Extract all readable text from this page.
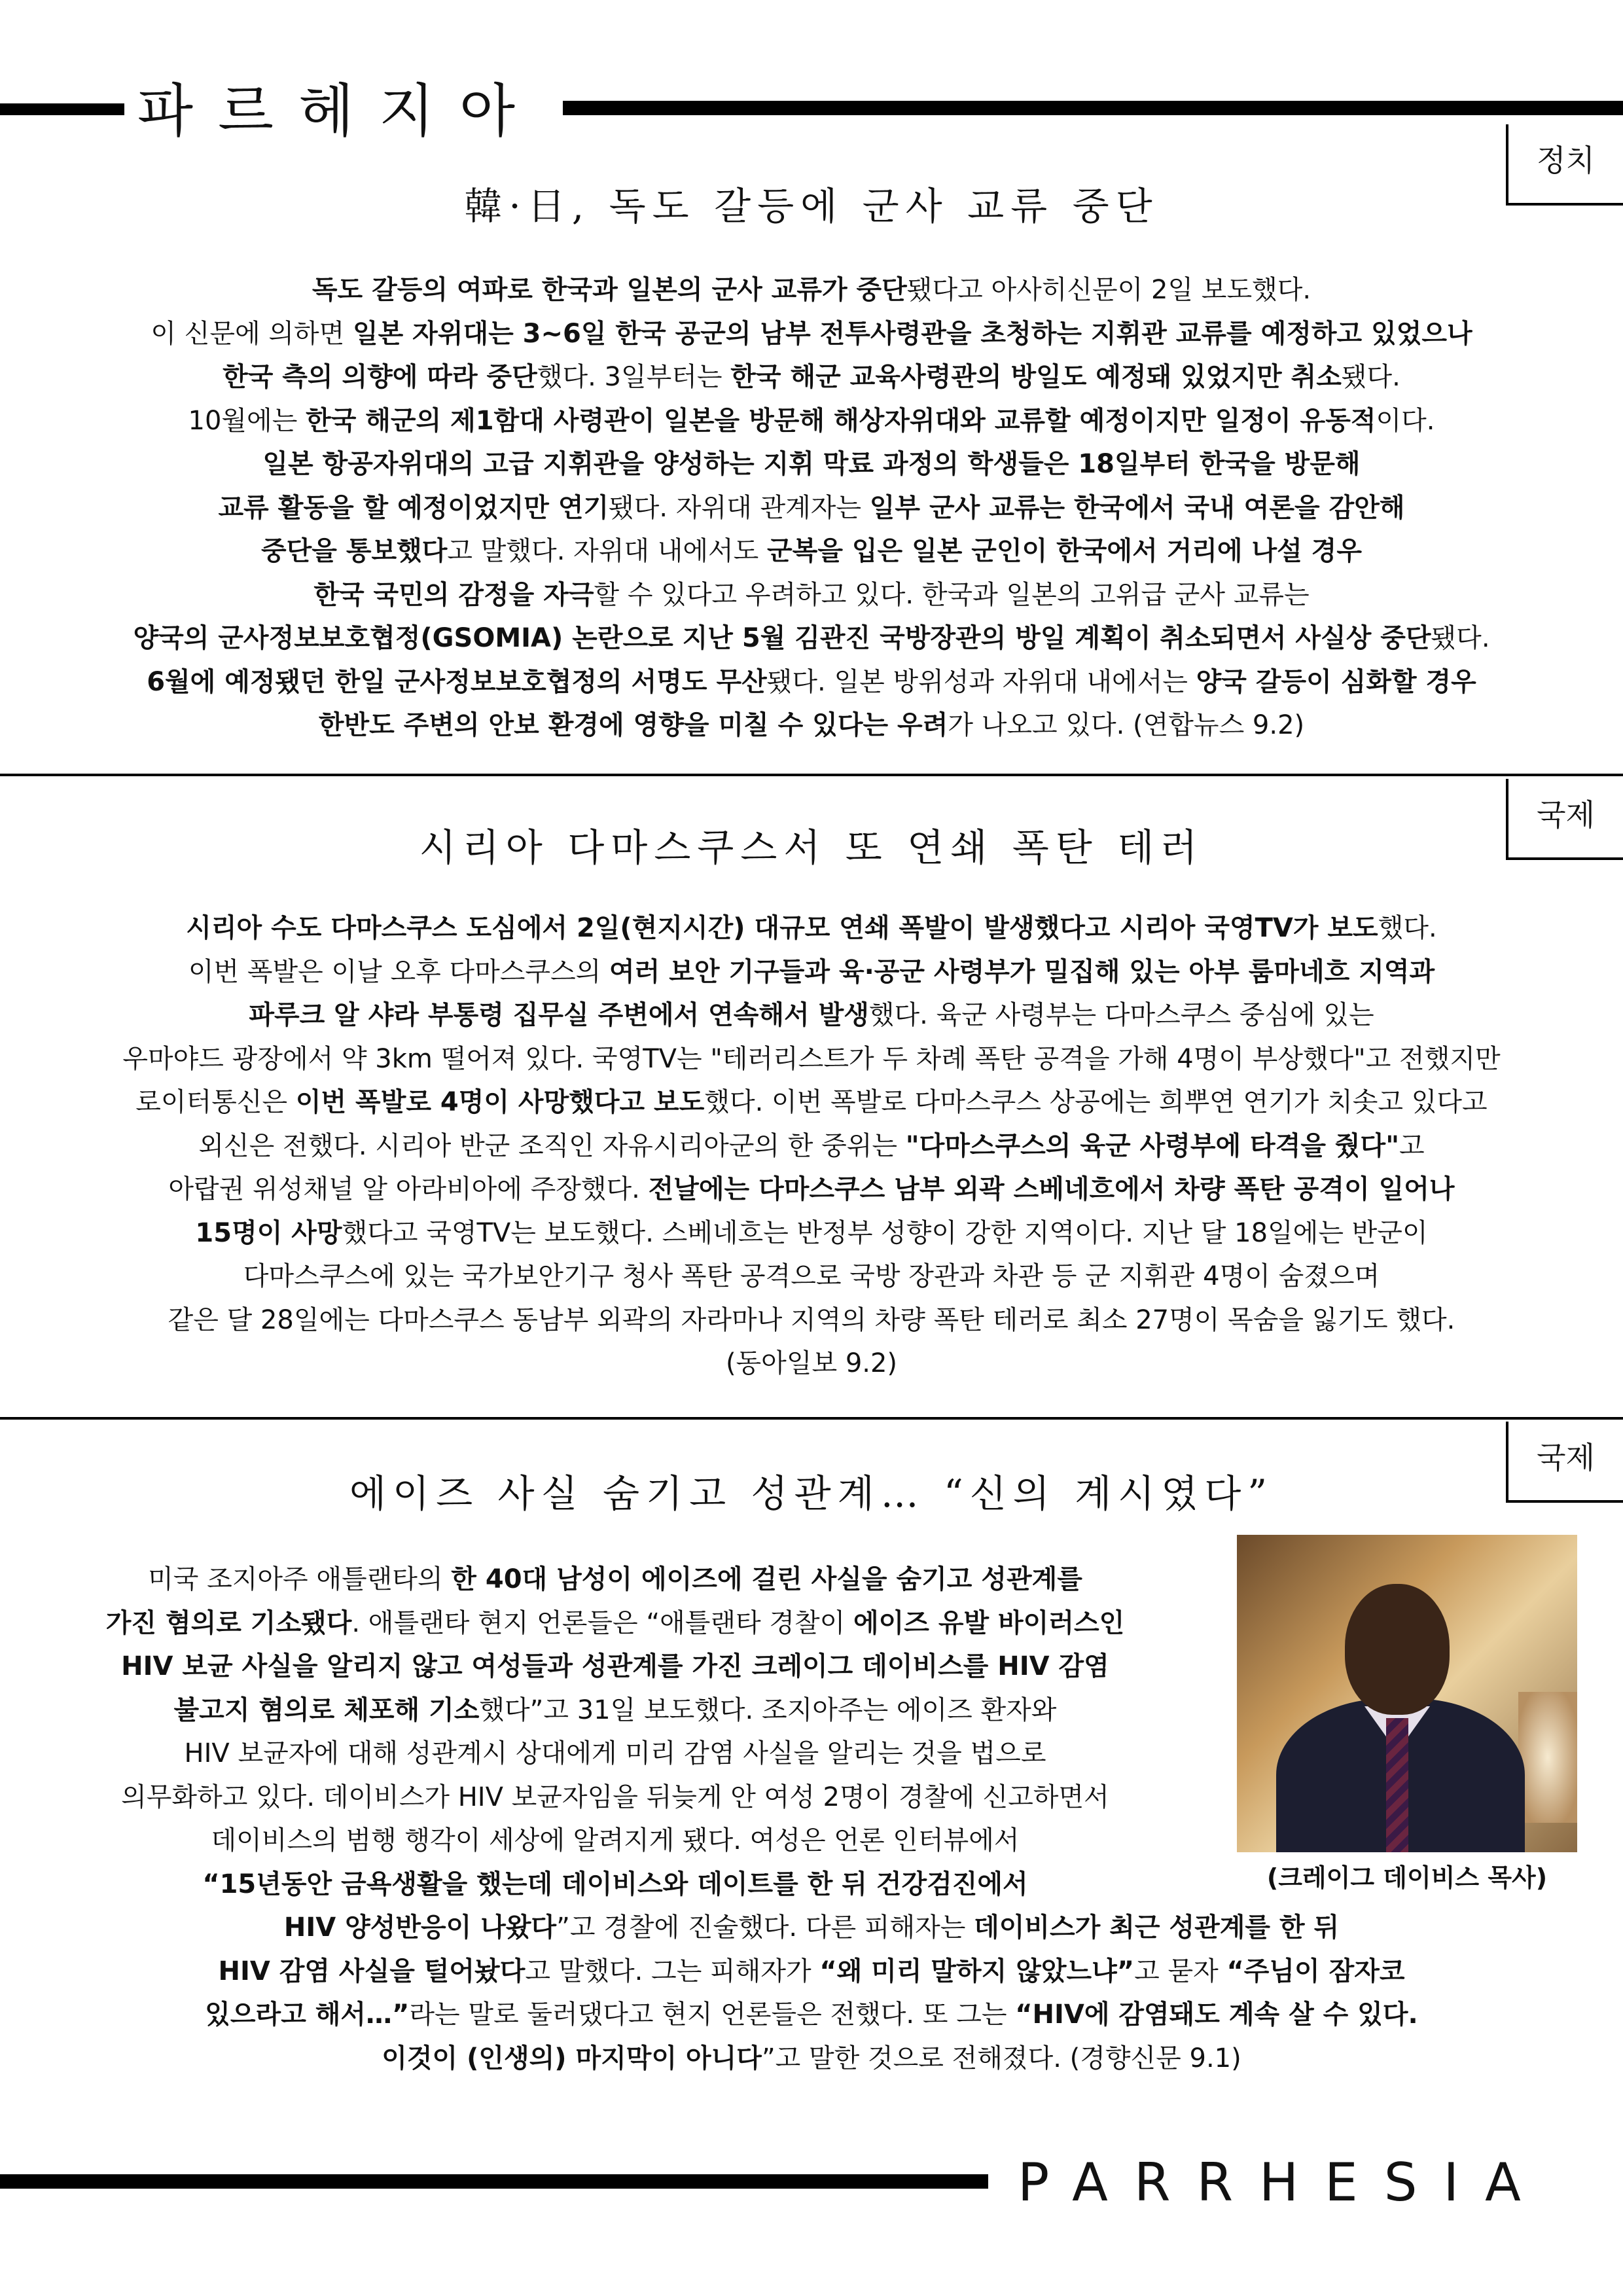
파르헤지아
정치
韓·日, 독도 갈등에 군사 교류 중단

독도 갈등의 여파로 한국과 일본의 군사 교류가 중단됐다고 아사히신문이 2일 보도했다.

이 신문에 의하면 일본 자위대는 3~6일 한국 공군의 남부 전투사령관을 초청하는 지휘관 교류를 예정하고 있었으나

한국 측의 의향에 따라 중단했다. 3일부터는 한국 해군 교육사령관의 방일도 예정돼 있었지만 취소됐다.

10월에는 한국 해군의 제1함대 사령관이 일본을 방문해 해상자위대와 교류할 예정이지만 일정이 유동적이다.

일본 항공자위대의 고급 지휘관을 양성하는 지휘 막료 과정의 학생들은 18일부터 한국을 방문해

교류 활동을 할 예정이었지만 연기됐다. 자위대 관계자는 일부 군사 교류는 한국에서 국내 여론을 감안해

중단을 통보했다고 말했다. 자위대 내에서도 군복을 입은 일본 군인이 한국에서 거리에 나설 경우

한국 국민의 감정을 자극할 수 있다고 우려하고 있다. 한국과 일본의 고위급 군사 교류는

양국의 군사정보보호협정(GSOMIA) 논란으로 지난 5월 김관진 국방장관의 방일 계획이 취소되면서 사실상 중단됐다.

6월에 예정됐던 한일 군사정보보호협정의 서명도 무산됐다. 일본 방위성과 자위대 내에서는 양국 갈등이 심화할 경우

한반도 주변의 안보 환경에 영향을 미칠 수 있다는 우려가 나오고 있다. (연합뉴스 9.2)

국제
시리아 다마스쿠스서 또 연쇄 폭탄 테러

시리아 수도 다마스쿠스 도심에서 2일(현지시간) 대규모 연쇄 폭발이 발생했다고 시리아 국영TV가 보도했다.

이번 폭발은 이날 오후 다마스쿠스의 여러 보안 기구들과 육·공군 사령부가 밀집해 있는 아부 룸마네흐 지역과

파루크 알 샤라 부통령 집무실 주변에서 연속해서 발생했다. 육군 사령부는 다마스쿠스 중심에 있는

우마야드 광장에서 약 3km 떨어져 있다. 국영TV는 "테러리스트가 두 차례 폭탄 공격을 가해 4명이 부상했다"고 전했지만

로이터통신은 이번 폭발로 4명이 사망했다고 보도했다. 이번 폭발로 다마스쿠스 상공에는 희뿌연 연기가 치솟고 있다고

외신은 전했다. 시리아 반군 조직인 자유시리아군의 한 중위는 "다마스쿠스의 육군 사령부에 타격을 줬다"고

아랍권 위성채널 알 아라비아에 주장했다. 전날에는 다마스쿠스 남부 외곽 스베네흐에서 차량 폭탄 공격이 일어나

15명이 사망했다고 국영TV는 보도했다. 스베네흐는 반정부 성향이 강한 지역이다. 지난 달 18일에는 반군이

다마스쿠스에 있는 국가보안기구 청사 폭탄 공격으로 국방 장관과 차관 등 군 지휘관 4명이 숨졌으며

같은 달 28일에는 다마스쿠스 동남부 외곽의 자라마나 지역의 차량 폭탄 테러로 최소 27명이 목숨을 잃기도 했다.

(동아일보 9.2)

국제
에이즈 사실 숨기고 성관계… “신의 계시였다”

미국 조지아주 애틀랜타의 한 40대 남성이 에이즈에 걸린 사실을 숨기고 성관계를

가진 혐의로 기소됐다. 애틀랜타 현지 언론들은 “애틀랜타 경찰이 에이즈 유발 바이러스인

HIV 보균 사실을 알리지 않고 여성들과 성관계를 가진 크레이그 데이비스를 HIV 감염

불고지 혐의로 체포해 기소했다”고 31일 보도했다. 조지아주는 에이즈 환자와

HIV 보균자에 대해 성관계시 상대에게 미리 감염 사실을 알리는 것을 법으로

의무화하고 있다. 데이비스가 HIV 보균자임을 뒤늦게 안 여성 2명이 경찰에 신고하면서

데이비스의 범행 행각이 세상에 알려지게 됐다. 여성은 언론 인터뷰에서

“15년동안 금욕생활을 했는데 데이비스와 데이트를 한 뒤 건강검진에서

HIV 양성반응이 나왔다”고 경찰에 진술했다. 다른 피해자는 데이비스가 최근 성관계를 한 뒤

HIV 감염 사실을 털어놨다고 말했다. 그는 피해자가 “왜 미리 말하지 않았느냐”고 묻자 “주님이 잠자코

있으라고 해서…”라는 말로 둘러댔다고 현지 언론들은 전했다. 또 그는 “HIV에 감염돼도 계속 살 수 있다.

이것이 (인생의) 마지막이 아니다”고 말한 것으로 전해졌다. (경향신문 9.1)

(크레이그 데이비스 목사)
PARRHESIA
